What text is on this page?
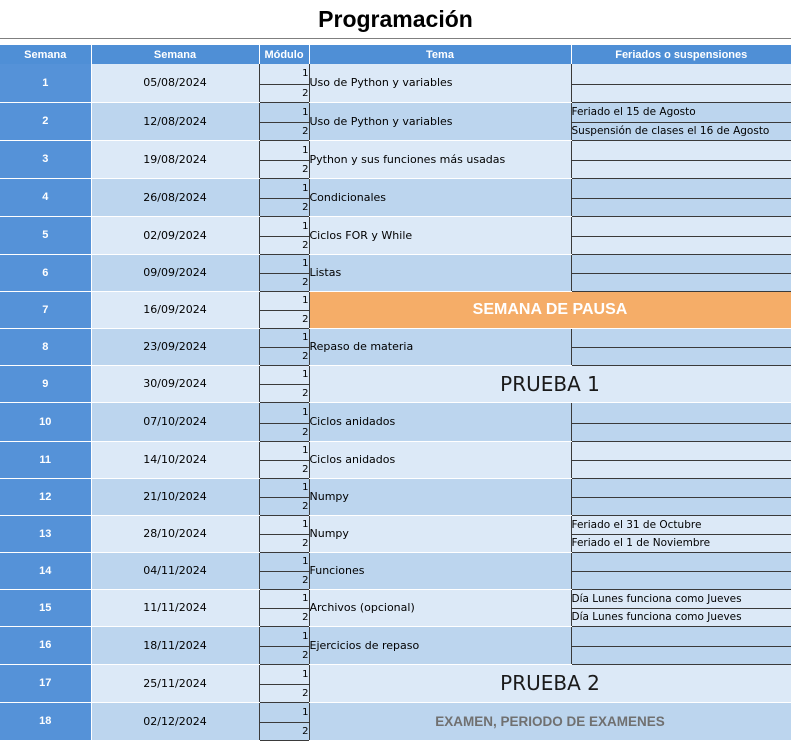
Programación
Semana	Semana	Módulo	Tema	Feriados o suspensiones
1	05/08/2024	1	Uso de Python y variables	
		2		
2	12/08/2024	1	Uso de Python y variables	Feriado el 15 de Agosto
		2		Suspensión de clases el 16 de Agosto
3	19/08/2024	1	Python y sus funciones más usadas	
		2		
4	26/08/2024	1	Condicionales	
		2		
5	02/09/2024	1	Ciclos FOR y While	
		2		
6	09/09/2024	1	Listas	
		2		
7	16/09/2024	1	SEMANA DE PAUSA	
		2		
8	23/09/2024	1	Repaso de materia	
		2		
9	30/09/2024	1	PRUEBA 1	
		2		
10	07/10/2024	1	Ciclos anidados	
		2		
11	14/10/2024	1	Ciclos anidados	
		2		
12	21/10/2024	1	Numpy	
		2		
13	28/10/2024	1	Numpy	Feriado el 31 de Octubre
		2		Feriado el 1 de Noviembre
14	04/11/2024	1	Funciones	
		2		
15	11/11/2024	1	Archivos (opcional)	Día Lunes funciona como Jueves
		2		Día Lunes funciona como Jueves
16	18/11/2024	1	Ejercicios de repaso	
		2		
17	25/11/2024	1	PRUEBA 2	
		2		
18	02/12/2024	1	EXAMEN, PERIODO DE EXAMENES	
		2		
